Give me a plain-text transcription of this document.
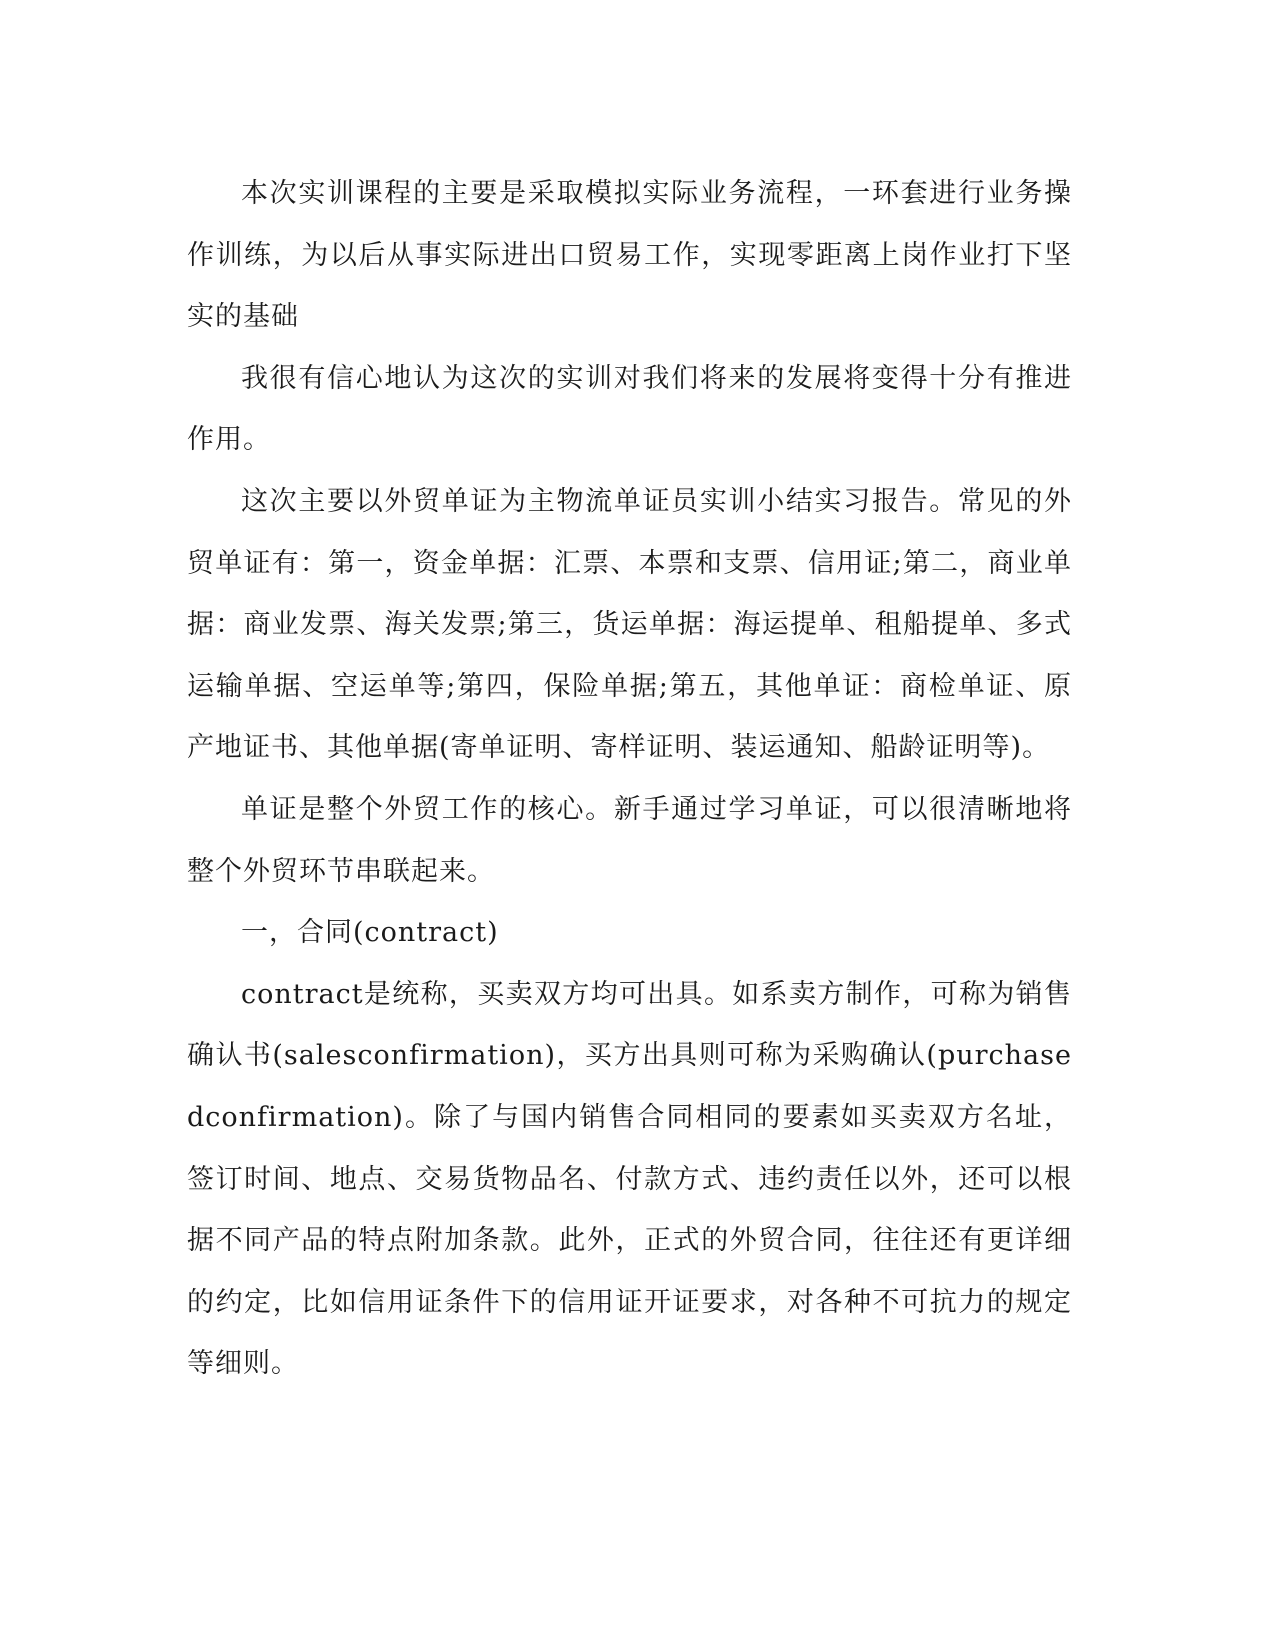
本次实训课程的主要是采取模拟实际业务流程，一环套进行业务操作训练，为以后从事实际进出口贸易工作，实现零距离上岗作业打下坚实的基础

我很有信心地认为这次的实训对我们将来的发展将变得十分有推进作用。

这次主要以外贸单证为主物流单证员实训小结实习报告。常见的外贸单证有：第一，资金单据：汇票、本票和支票、信用证;第二，商业单据：商业发票、海关发票;第三，货运单据：海运提单、租船提单、多式运输单据、空运单等;第四，保险单据;第五，其他单证：商检单证、原产地证书、其他单据(寄单证明、寄样证明、装运通知、船龄证明等)。

单证是整个外贸工作的核心。新手通过学习单证，可以很清晰地将整个外贸环节串联起来。

一，合同(contract)

contract是统称，买卖双方均可出具。如系卖方制作，可称为销售确认书(salesconfirmation)，买方出具则可称为采购确认(purchasedconfirmation)。除了与国内销售合同相同的要素如买卖双方名址，签订时间、地点、交易货物品名、付款方式、违约责任以外，还可以根据不同产品的特点附加条款。此外，正式的外贸合同，往往还有更详细的约定，比如信用证条件下的信用证开证要求，对各种不可抗力的规定等细则。
